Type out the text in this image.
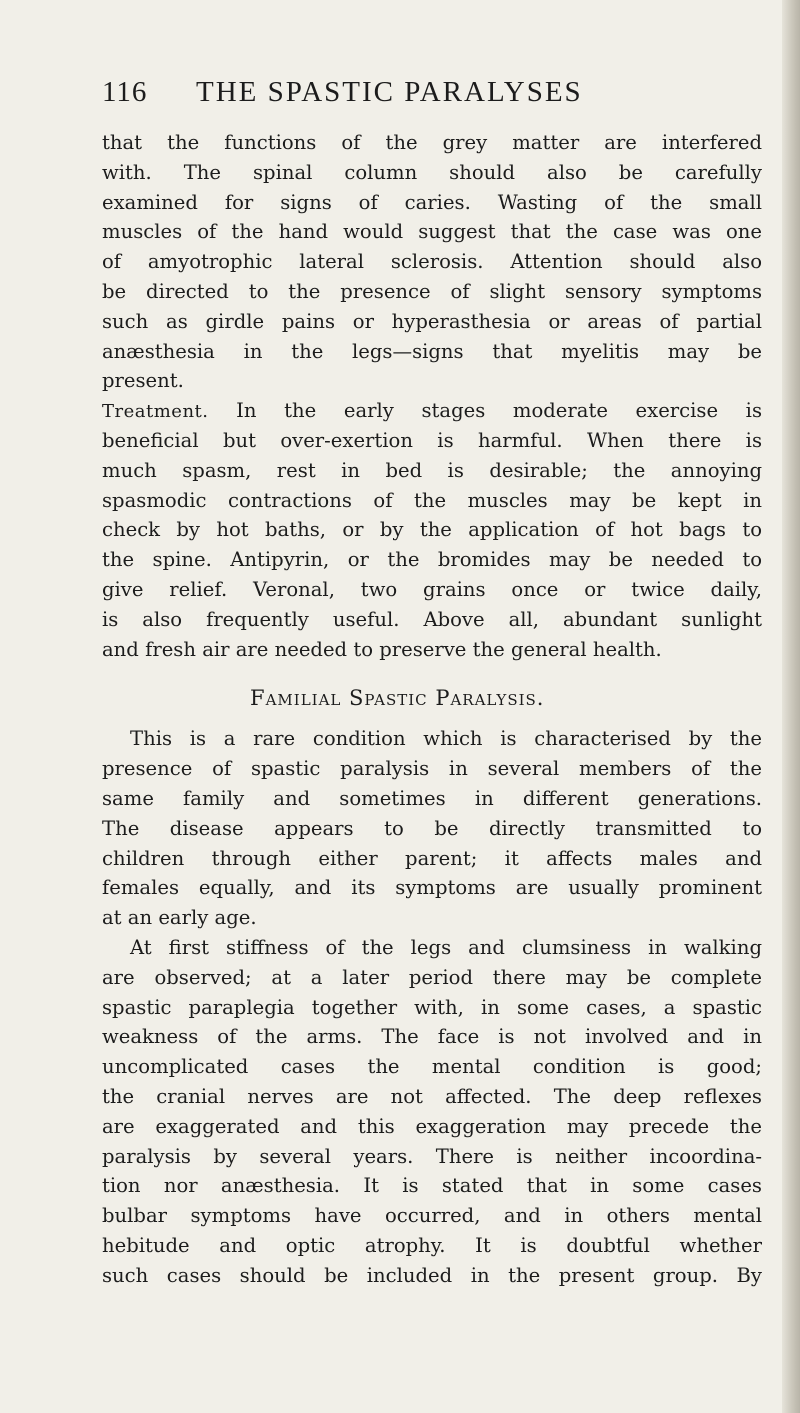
116 THE SPASTIC PARALYSES
that the functions of the grey matter are interfered
with. The spinal column should also be carefully
examined for signs of caries. Wasting of the small
muscles of the hand would suggest that the case was one
of amyotrophic lateral sclerosis. Attention should also
be directed to the presence of slight sensory symptoms
such as girdle pains or hyperasthesia or areas of partial
anæsthesia in the legs—signs that myelitis may be
present.
Treatment. In the early stages moderate exercise is
beneficial but over-exertion is harmful. When there is
much spasm, rest in bed is desirable; the annoying
spasmodic contractions of the muscles may be kept in
check by hot baths, or by the application of hot bags to
the spine. Antipyrin, or the bromides may be needed to
give relief. Veronal, two grains once or twice daily,
is also frequently useful. Above all, abundant sunlight
and fresh air are needed to preserve the general health.
Familial Spastic Paralysis.
This is a rare condition which is characterised by the
presence of spastic paralysis in several members of the
same family and sometimes in different generations.
The disease appears to be directly transmitted to
children through either parent; it affects males and
females equally, and its symptoms are usually prominent
at an early age.
At first stiffness of the legs and clumsiness in walking
are observed; at a later period there may be complete
spastic paraplegia together with, in some cases, a spastic
weakness of the arms. The face is not involved and in
uncomplicated cases the mental condition is good;
the cranial nerves are not affected. The deep reflexes
are exaggerated and this exaggeration may precede the
paralysis by several years. There is neither incoordina-
tion nor anæsthesia. It is stated that in some cases
bulbar symptoms have occurred, and in others mental
hebitude and optic atrophy. It is doubtful whether
such cases should be included in the present group. By
